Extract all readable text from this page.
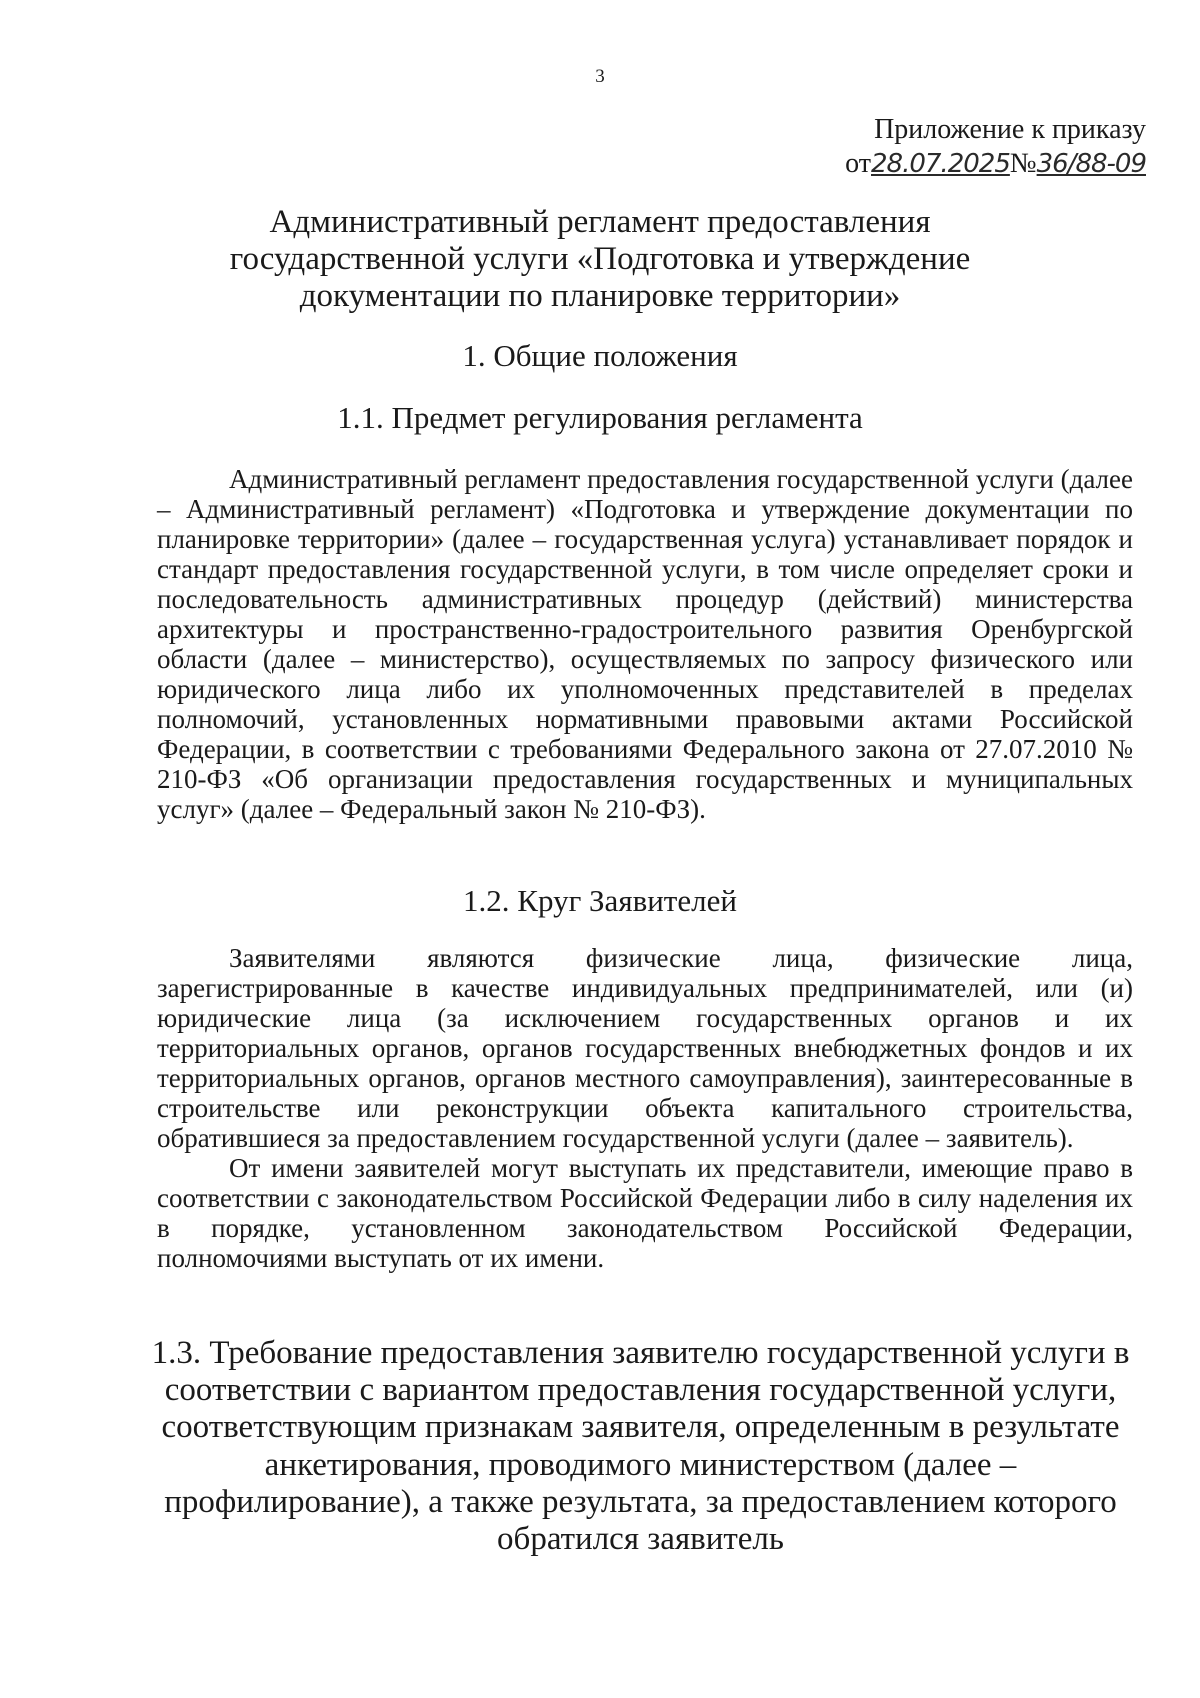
3
Приложение к приказу
от28.07.2025№36/88-09
Административный регламент предоставления государственной услуги «Подготовка и утверждение документации по планировке территории»
1. Общие положения
1.1. Предмет регулирования регламента

Административный регламент предоставления государственной услуги (далее – Административный регламент) «Подготовка и утверждение документации по планировке территории» (далее – государственная услуга) устанавливает порядок и стандарт предоставления государственной услуги, в том числе определяет сроки и последовательность административных процедур (действий) министерства архитектуры и пространственно-градостроительного развития Оренбургской области (далее – министерство), осуществляемых по запросу физического или юридического лица либо их уполномоченных представителей в пределах полномочий, установленных нормативными правовыми актами Российской Федерации, в соответствии с требованиями Федерального закона от 27.07.2010 № 210-ФЗ «Об организации предоставления государственных и муниципальных услуг» (далее – Федеральный закон № 210-ФЗ).

1.2. Круг Заявителей

Заявителями являются физические лица, физические лица, зарегистрированные в качестве индивидуальных предпринимателей, или (и) юридические лица (за исключением государственных органов и их территориальных органов, органов государственных внебюджетных фондов и их территориальных органов, органов местного самоуправления), заинтересованные в строительстве или реконструкции объекта капитального строительства, обратившиеся за предоставлением государственной услуги (далее – заявитель).

От имени заявителей могут выступать их представители, имеющие право в соответствии с законодательством Российской Федерации либо в силу наделения их в порядке, установленном законодательством Российской Федерации, полномочиями выступать от их имени.

1.3. Требование предоставления заявителю государственной услуги в соответствии с вариантом предоставления государственной услуги, соответствующим признакам заявителя, определенным в результате анкетирования, проводимого министерством (далее – профилирование), а также результата, за предоставлением которого обратился заявитель
